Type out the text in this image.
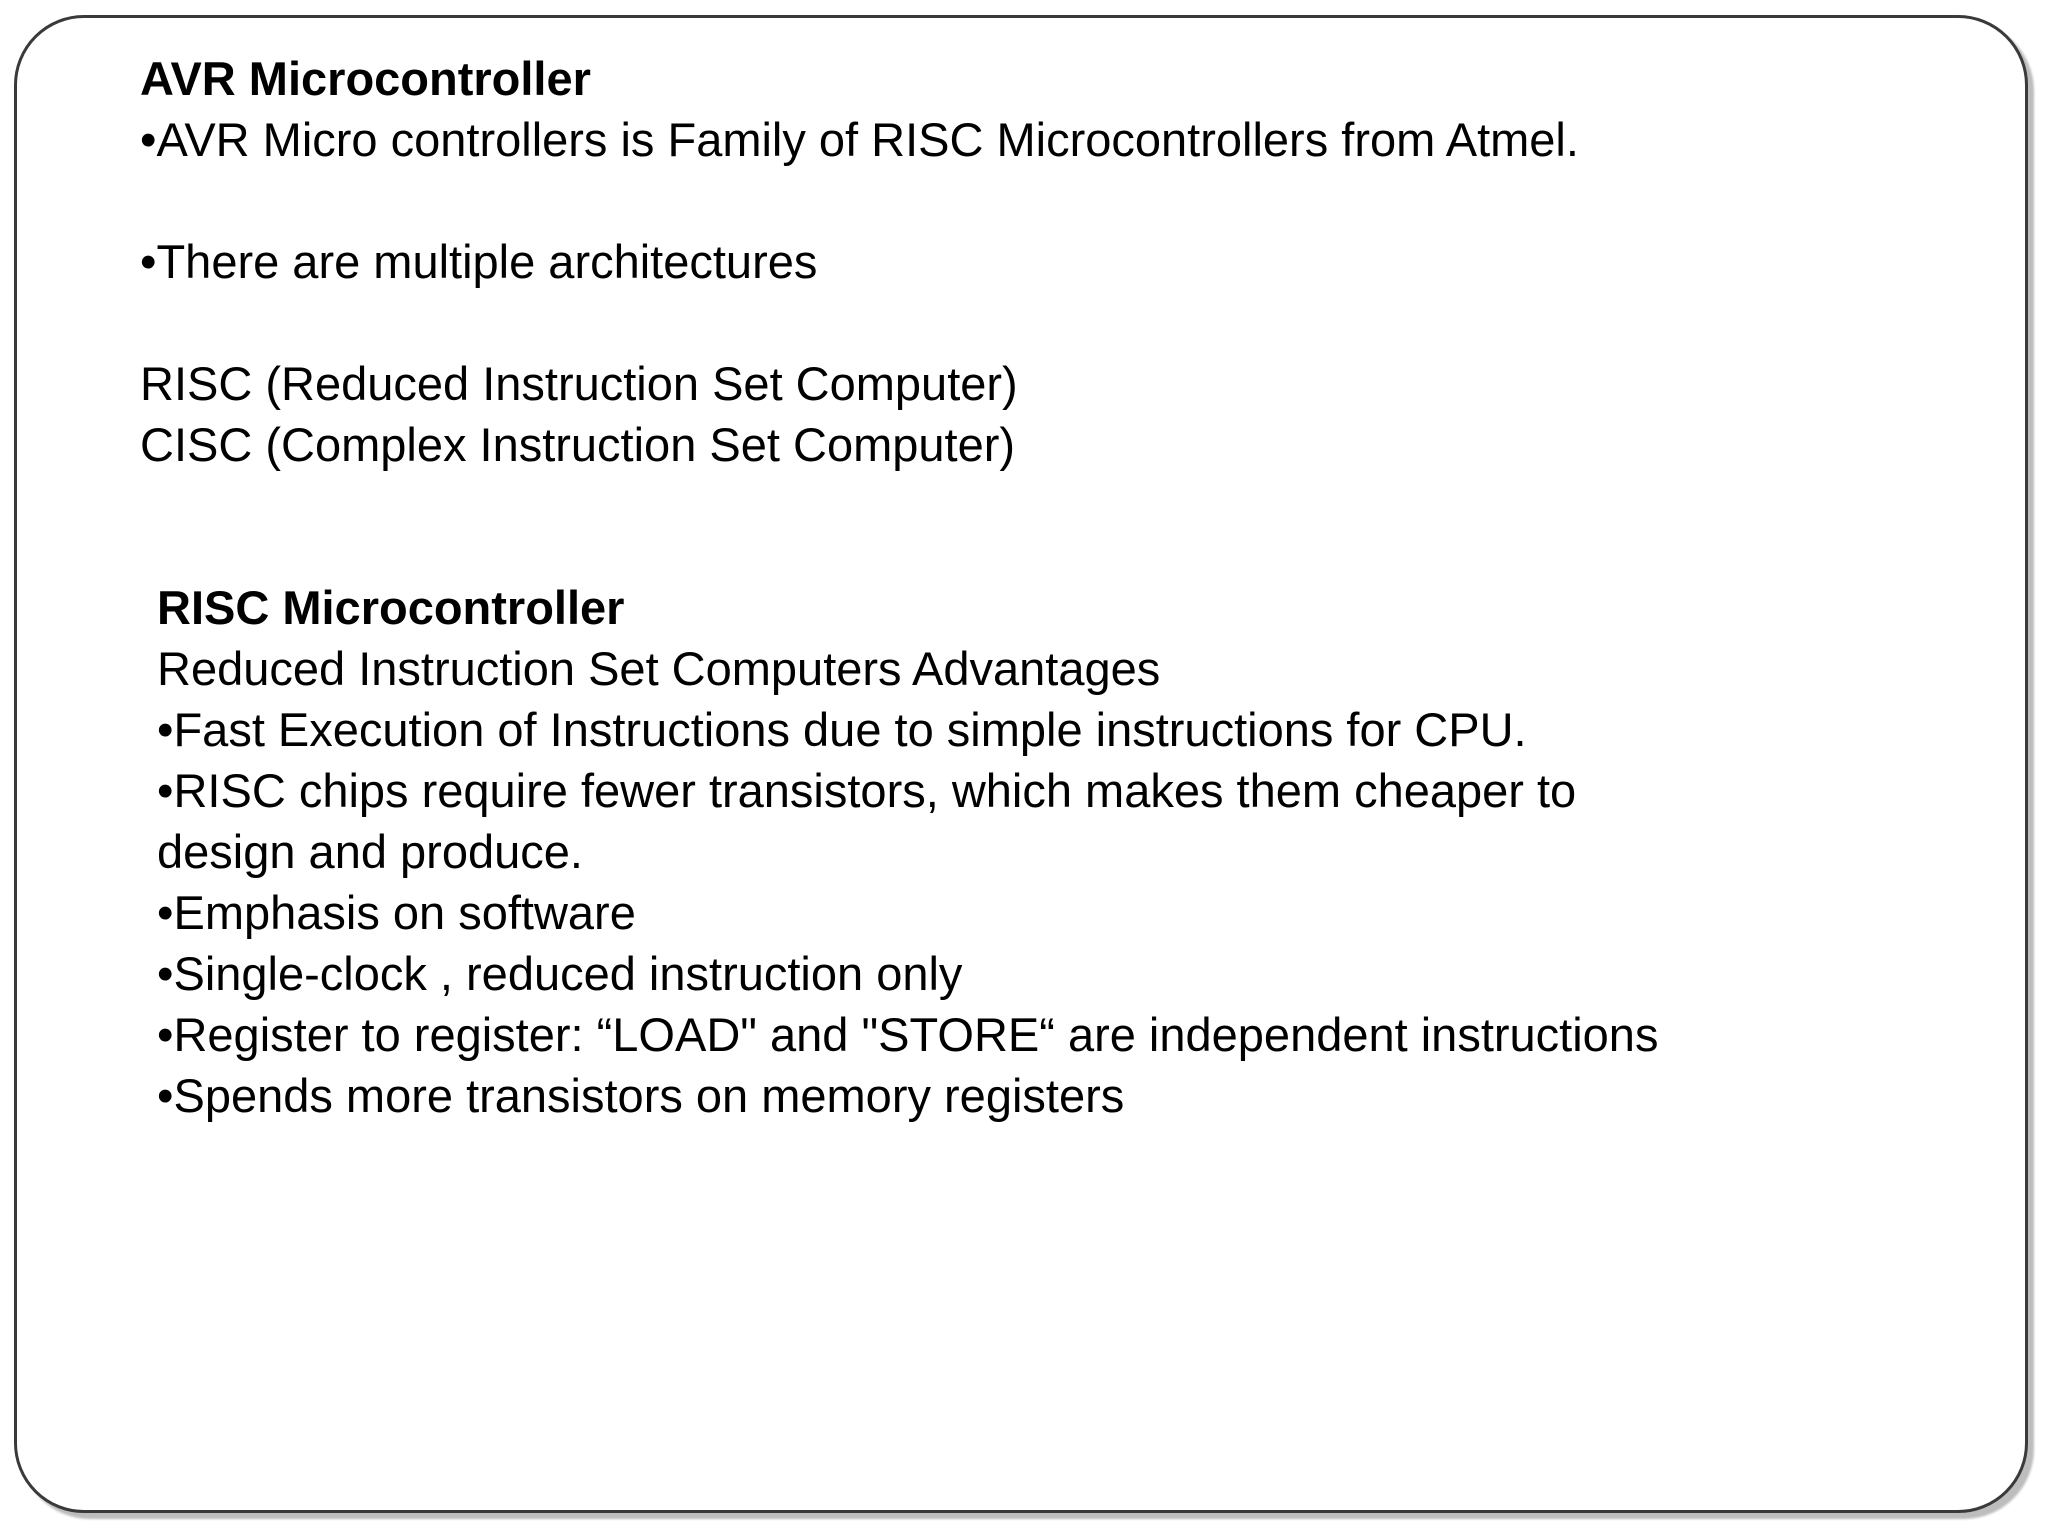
AVR Microcontroller
•AVR Micro controllers is Family of RISC Microcontrollers from Atmel.
•There are multiple architectures
RISC (Reduced Instruction Set Computer)
CISC (Complex Instruction Set Computer)
RISC Microcontroller
Reduced Instruction Set Computers Advantages
•Fast Execution of Instructions due to simple instructions for CPU.
•RISC chips require fewer transistors, which makes them cheaper to
design and produce.
•Emphasis on software
•Single-clock , reduced instruction only
•Register to register: “LOAD" and "STORE“ are independent instructions
•Spends more transistors on memory registers
